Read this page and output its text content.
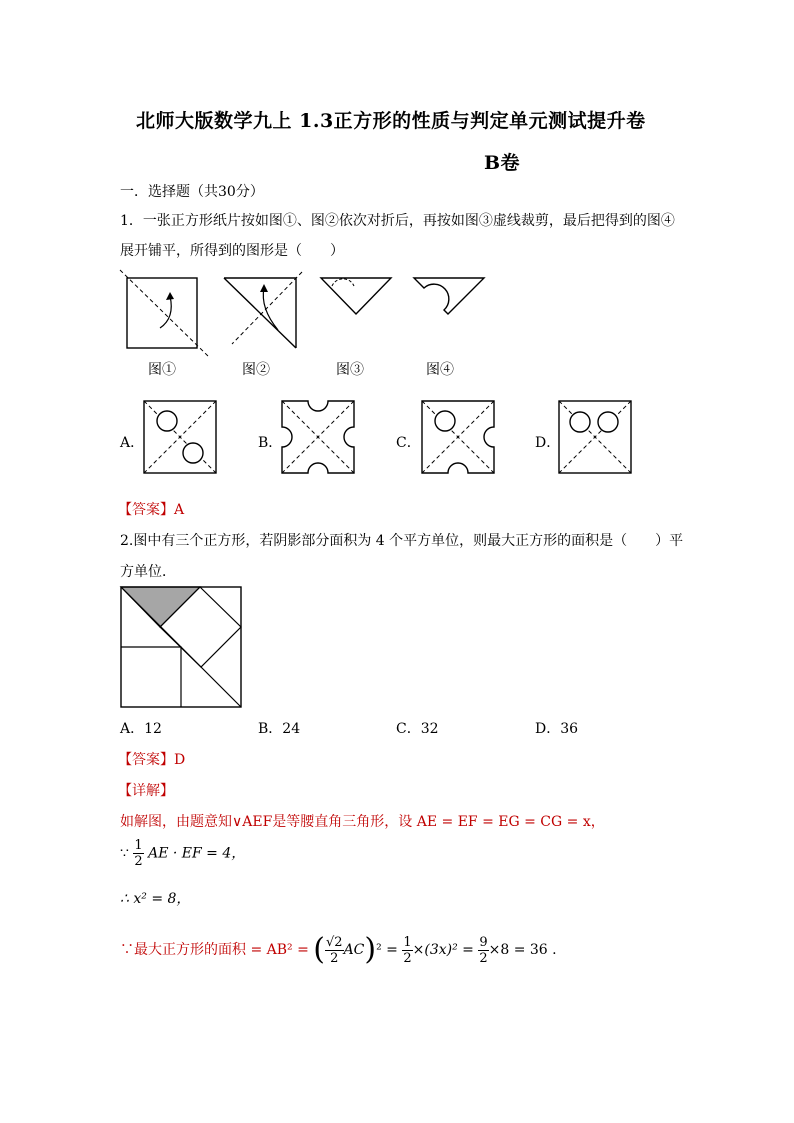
北师大版数学九上 1.3正方形的性质与判定单元测试提升卷
B卷
一．选择题（共30分）
1．一张正方形纸片按如图①、图②依次对折后，再按如图③虚线裁剪，最后把得到的图④
展开铺平，所得到的图形是（　　）
图①	图②	图③	图④
A．	B．	C．	D．
【答案】A
2.图中有三个正方形，若阴影部分面积为 4 个平方单位，则最大正方形的面积是（　　）平
方单位．
A．12	B．24	C．32	D．36
【答案】D
【详解】
如解图，由题意知∨AEF是等腰直角三角形，设 AE = EF = EG = CG = x，
∵ $\frac{1}{2}$ AE · EF = 4，
∴ x² = 8，
∵最大正方形的面积 = AB² = ( $\frac{√2}{2} AC)^2 = \frac{1}{2} \times(3x)^2 = \frac{9}{2} \times 8 = 36$ .
